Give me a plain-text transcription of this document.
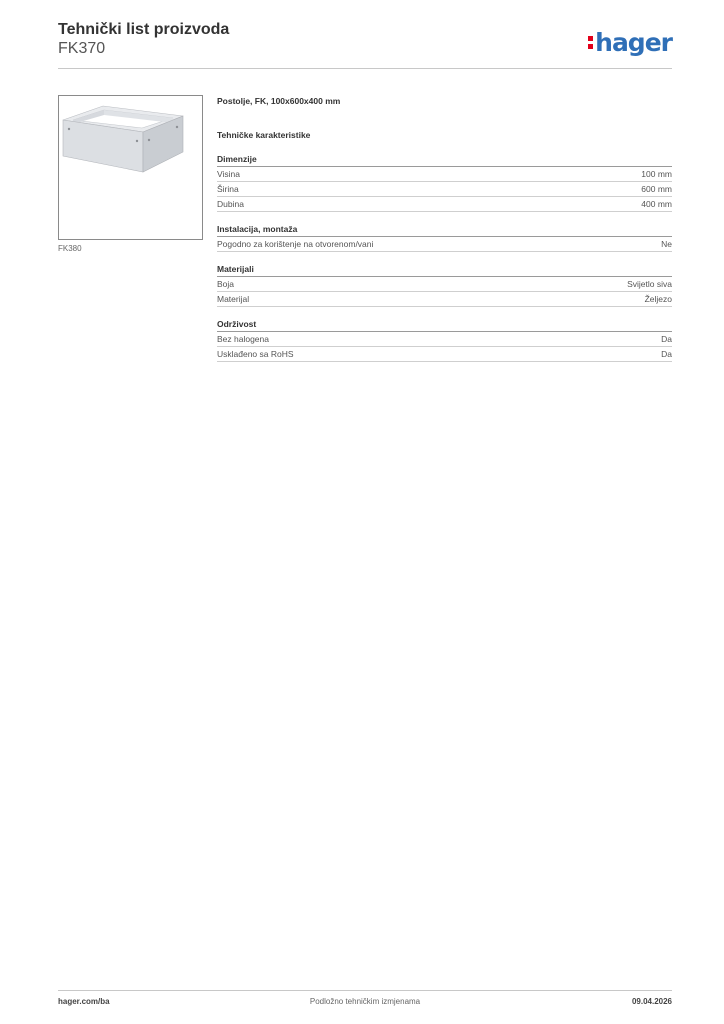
Tehnički list proizvoda
FK370	hager
FK380
Postolje, FK, 100x600x400 mm
Tehničke karakteristike
Dimenzije
Visina	100 mm
Širina	600 mm
Dubina	400 mm
Instalacija, montaža
Pogodno za korištenje na otvorenom/vani	Ne
Materijali
Boja	Svijetlo siva
Materijal	Željezo
Održivost
Bez halogena	Da
Usklađeno sa RoHS	Da
Podložno tehničkim izmjenama
hager.com/ba	09.04.2026
